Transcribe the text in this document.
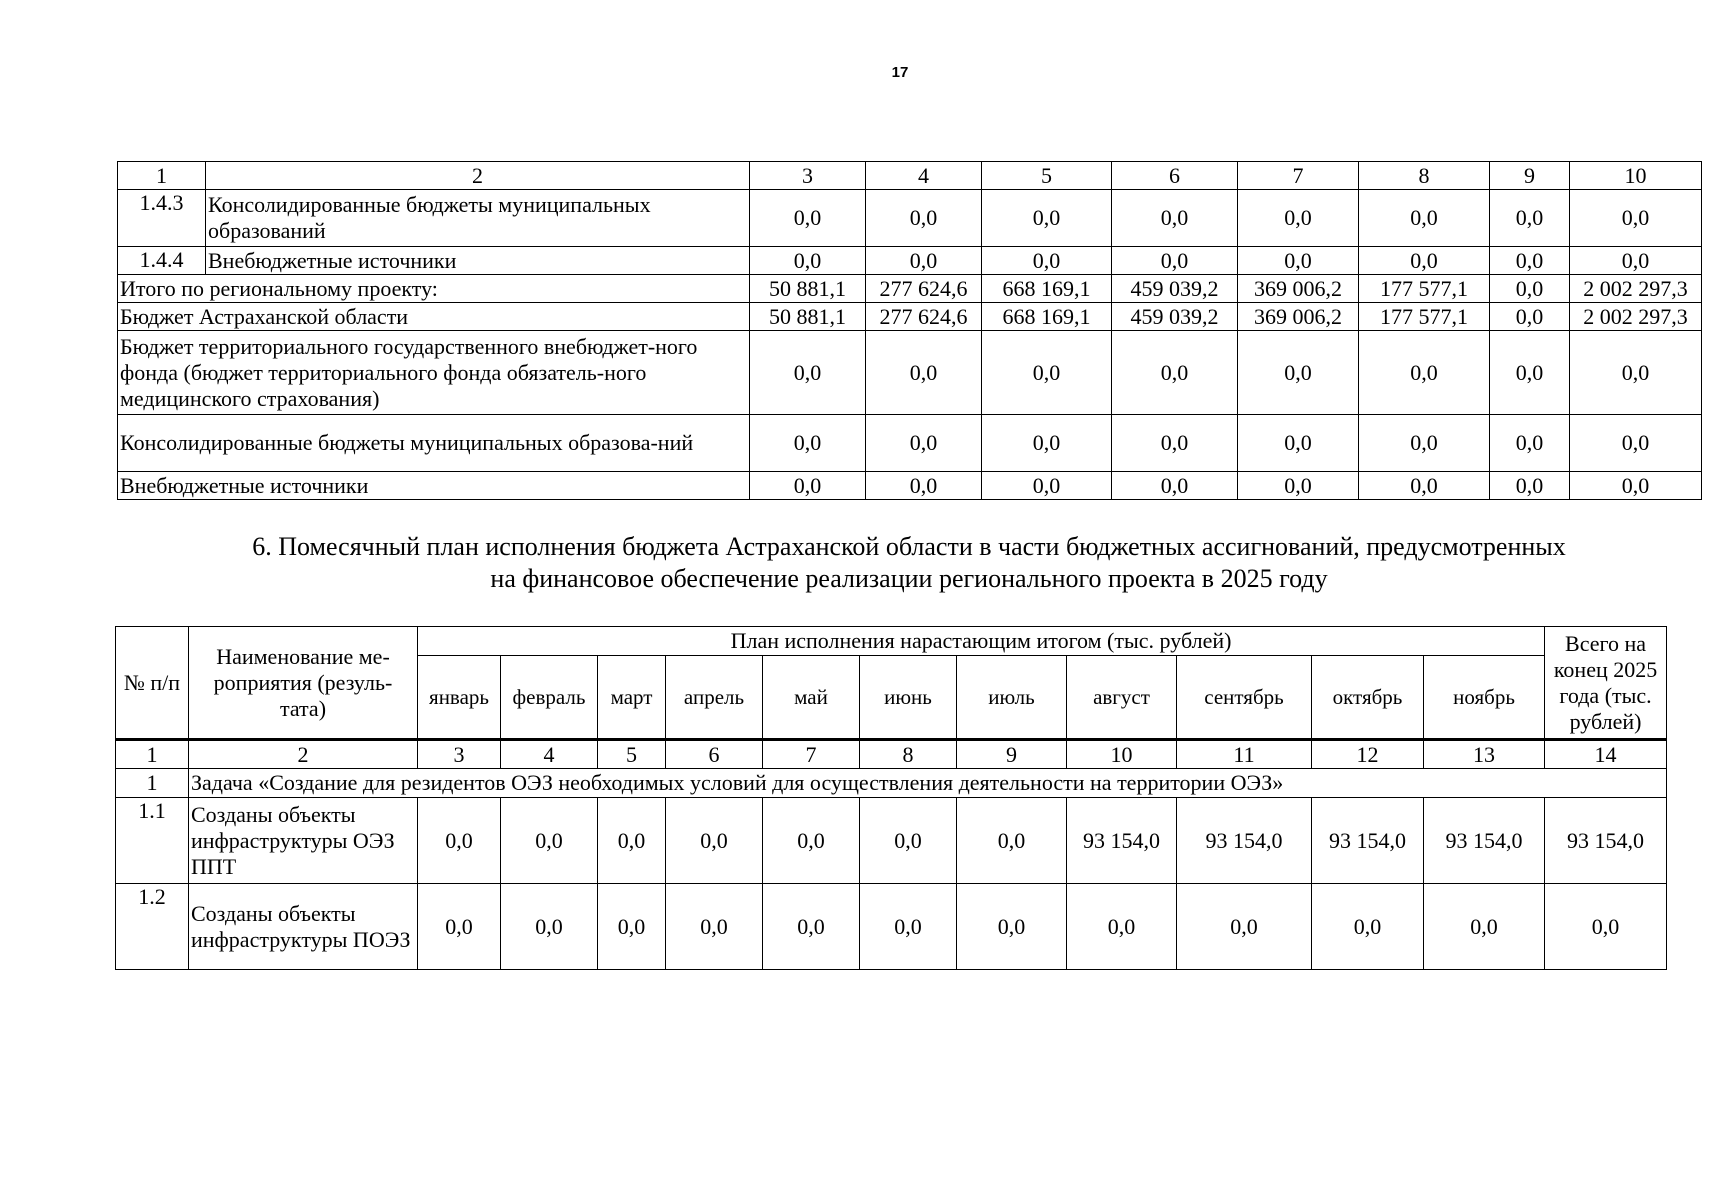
17
1	2	3	4	5	6	7	8	9	10
1.4.3	Консолидированные бюджеты муниципальных образований	0,0	0,0	0,0	0,0	0,0	0,0	0,0	0,0
1.4.4	Внебюджетные источники	0,0	0,0	0,0	0,0	0,0	0,0	0,0	0,0
Итого по региональному проекту:		50 881,1	277 624,6	668 169,1	459 039,2	369 006,2	177 577,1	0,0	2 002 297,3
Бюджет Астраханской области		50 881,1	277 624,6	668 169,1	459 039,2	369 006,2	177 577,1	0,0	2 002 297,3
Бюджет территориального государственного внебюджет-ного фонда (бюджет территориального фонда обязатель-ного медицинского страхования)		0,0	0,0	0,0	0,0	0,0	0,0	0,0	0,0
Консолидированные бюджеты муниципальных образова-ний		0,0	0,0	0,0	0,0	0,0	0,0	0,0	0,0
Внебюджетные источники		0,0	0,0	0,0	0,0	0,0	0,0	0,0	0,0
6. Помесячный план исполнения бюджета Астраханской области в части бюджетных ассигнований, предусмотренных
на финансовое обеспечение реализации регионального проекта в 2025 году
№ п/п	Наименование ме-роприятия (резуль-тата)	План исполнения нарастающим итогом (тыс. рублей)											Всего на конец 2025 года (тыс. рублей)
		январь	февраль	март	апрель	май	июнь	июль	август	сентябрь	октябрь	ноябрь	
1	2	3	4	5	6	7	8	9	10	11	12	13	14
1	Задача «Создание для резидентов ОЭЗ необходимых условий для осуществления деятельности на территории ОЭЗ»												
1.1	Созданы объекты инфраструктуры ОЭЗ ППТ	0,0	0,0	0,0	0,0	0,0	0,0	0,0	93 154,0	93 154,0	93 154,0	93 154,0	93 154,0
1.2	Созданы объекты инфраструктуры ПОЭЗ	0,0	0,0	0,0	0,0	0,0	0,0	0,0	0,0	0,0	0,0	0,0	0,0
